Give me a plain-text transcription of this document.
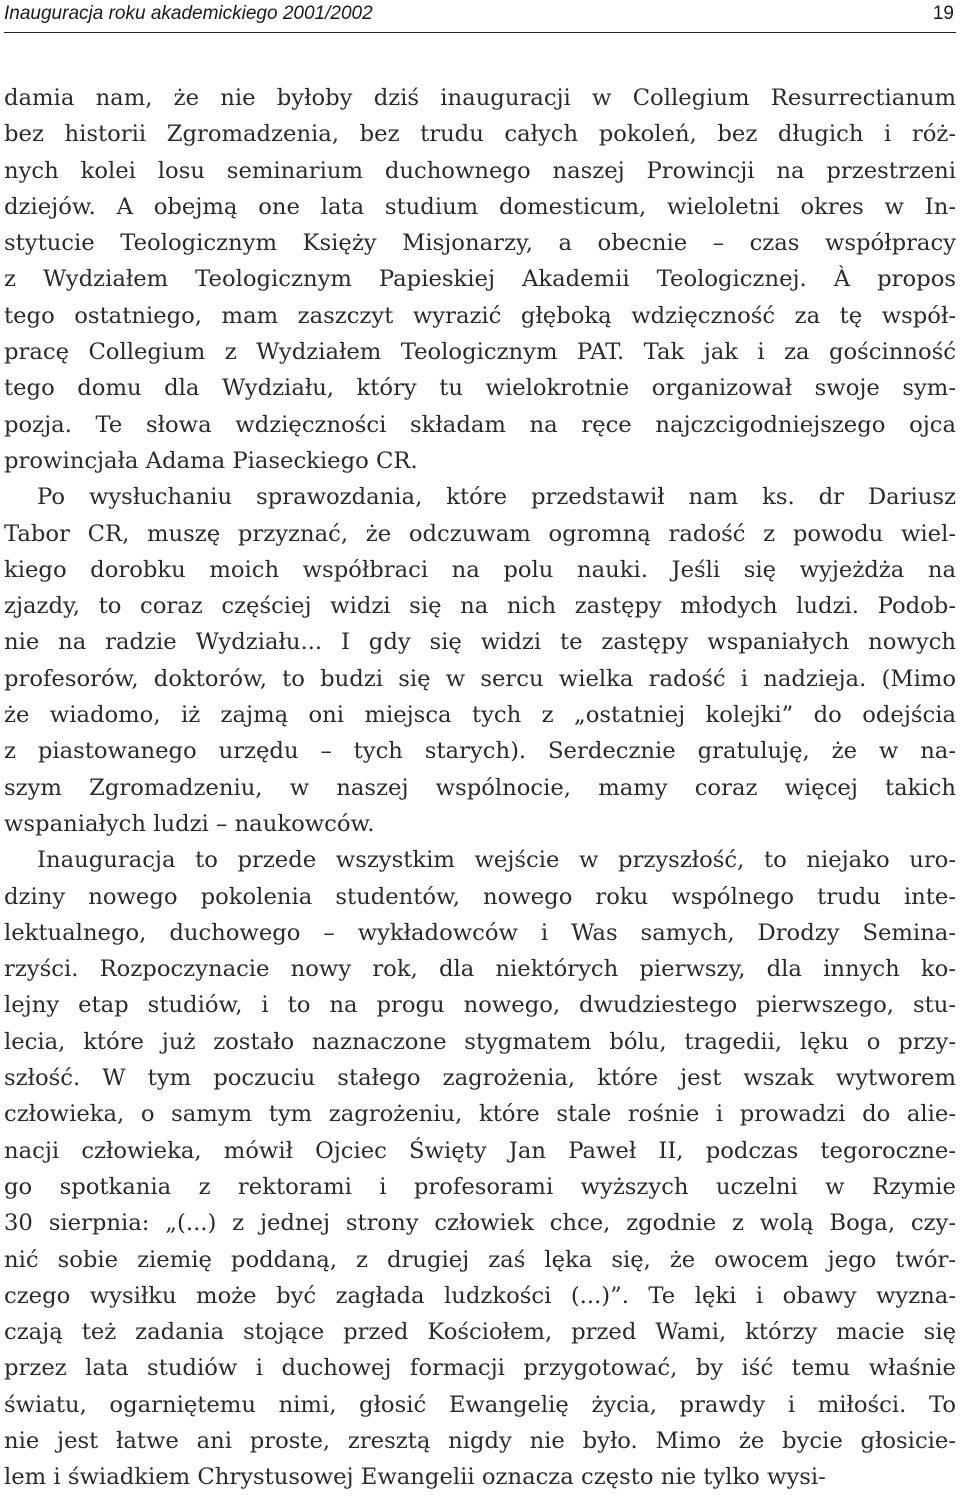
Inauguracja roku akademickiego 2001/2002	19
damia nam, że nie byłoby dziś inauguracji w Collegium Resurrectianum
bez historii Zgromadzenia, bez trudu całych pokoleń, bez długich i róż-
nych kolei losu seminarium duchownego naszej Prowincji na przestrzeni
dziejów. A obejmą one lata studium domesticum, wieloletni okres w In-
stytucie Teologicznym Księży Misjonarzy, a obecnie – czas współpracy
z Wydziałem Teologicznym Papieskiej Akademii Teologicznej. À propos
tego ostatniego, mam zaszczyt wyrazić głęboką wdzięczność za tę współ-
pracę Collegium z Wydziałem Teologicznym PAT. Tak jak i za gościnność
tego domu dla Wydziału, który tu wielokrotnie organizował swoje sym-
pozja. Te słowa wdzięczności składam na ręce najczcigodniejszego ojca
prowincjała Adama Piaseckiego CR.
Po wysłuchaniu sprawozdania, które przedstawił nam ks. dr Dariusz
Tabor CR, muszę przyznać, że odczuwam ogromną radość z powodu wiel-
kiego dorobku moich współbraci na polu nauki. Jeśli się wyjeżdża na
zjazdy, to coraz częściej widzi się na nich zastępy młodych ludzi. Podob-
nie na radzie Wydziału... I gdy się widzi te zastępy wspaniałych nowych
profesorów, doktorów, to budzi się w sercu wielka radość i nadzieja. (Mimo
że wiadomo, iż zajmą oni miejsca tych z „ostatniej kolejki” do odejścia
z piastowanego urzędu – tych starych). Serdecznie gratuluję, że w na-
szym Zgromadzeniu, w naszej wspólnocie, mamy coraz więcej takich
wspaniałych ludzi – naukowców.
Inauguracja to przede wszystkim wejście w przyszłość, to niejako uro-
dziny nowego pokolenia studentów, nowego roku wspólnego trudu inte-
lektualnego, duchowego – wykładowców i Was samych, Drodzy Semina-
rzyści. Rozpoczynacie nowy rok, dla niektórych pierwszy, dla innych ko-
lejny etap studiów, i to na progu nowego, dwudziestego pierwszego, stu-
lecia, które już zostało naznaczone stygmatem bólu, tragedii, lęku o przy-
szłość. W tym poczuciu stałego zagrożenia, które jest wszak wytworem
człowieka, o samym tym zagrożeniu, które stale rośnie i prowadzi do alie-
nacji człowieka, mówił Ojciec Święty Jan Paweł II, podczas tegoroczne-
go spotkania z rektorami i profesorami wyższych uczelni w Rzymie
30 sierpnia: „(...) z jednej strony człowiek chce, zgodnie z wolą Boga, czy-
nić sobie ziemię poddaną, z drugiej zaś lęka się, że owocem jego twór-
czego wysiłku może być zagłada ludzkości (...)”. Te lęki i obawy wyzna-
czają też zadania stojące przed Kościołem, przed Wami, którzy macie się
przez lata studiów i duchowej formacji przygotować, by iść temu właśnie
światu, ogarniętemu nimi, głosić Ewangelię życia, prawdy i miłości. To
nie jest łatwe ani proste, zresztą nigdy nie było. Mimo że bycie głosicie-
lem i świadkiem Chrystusowej Ewangelii oznacza często nie tylko wysi-
